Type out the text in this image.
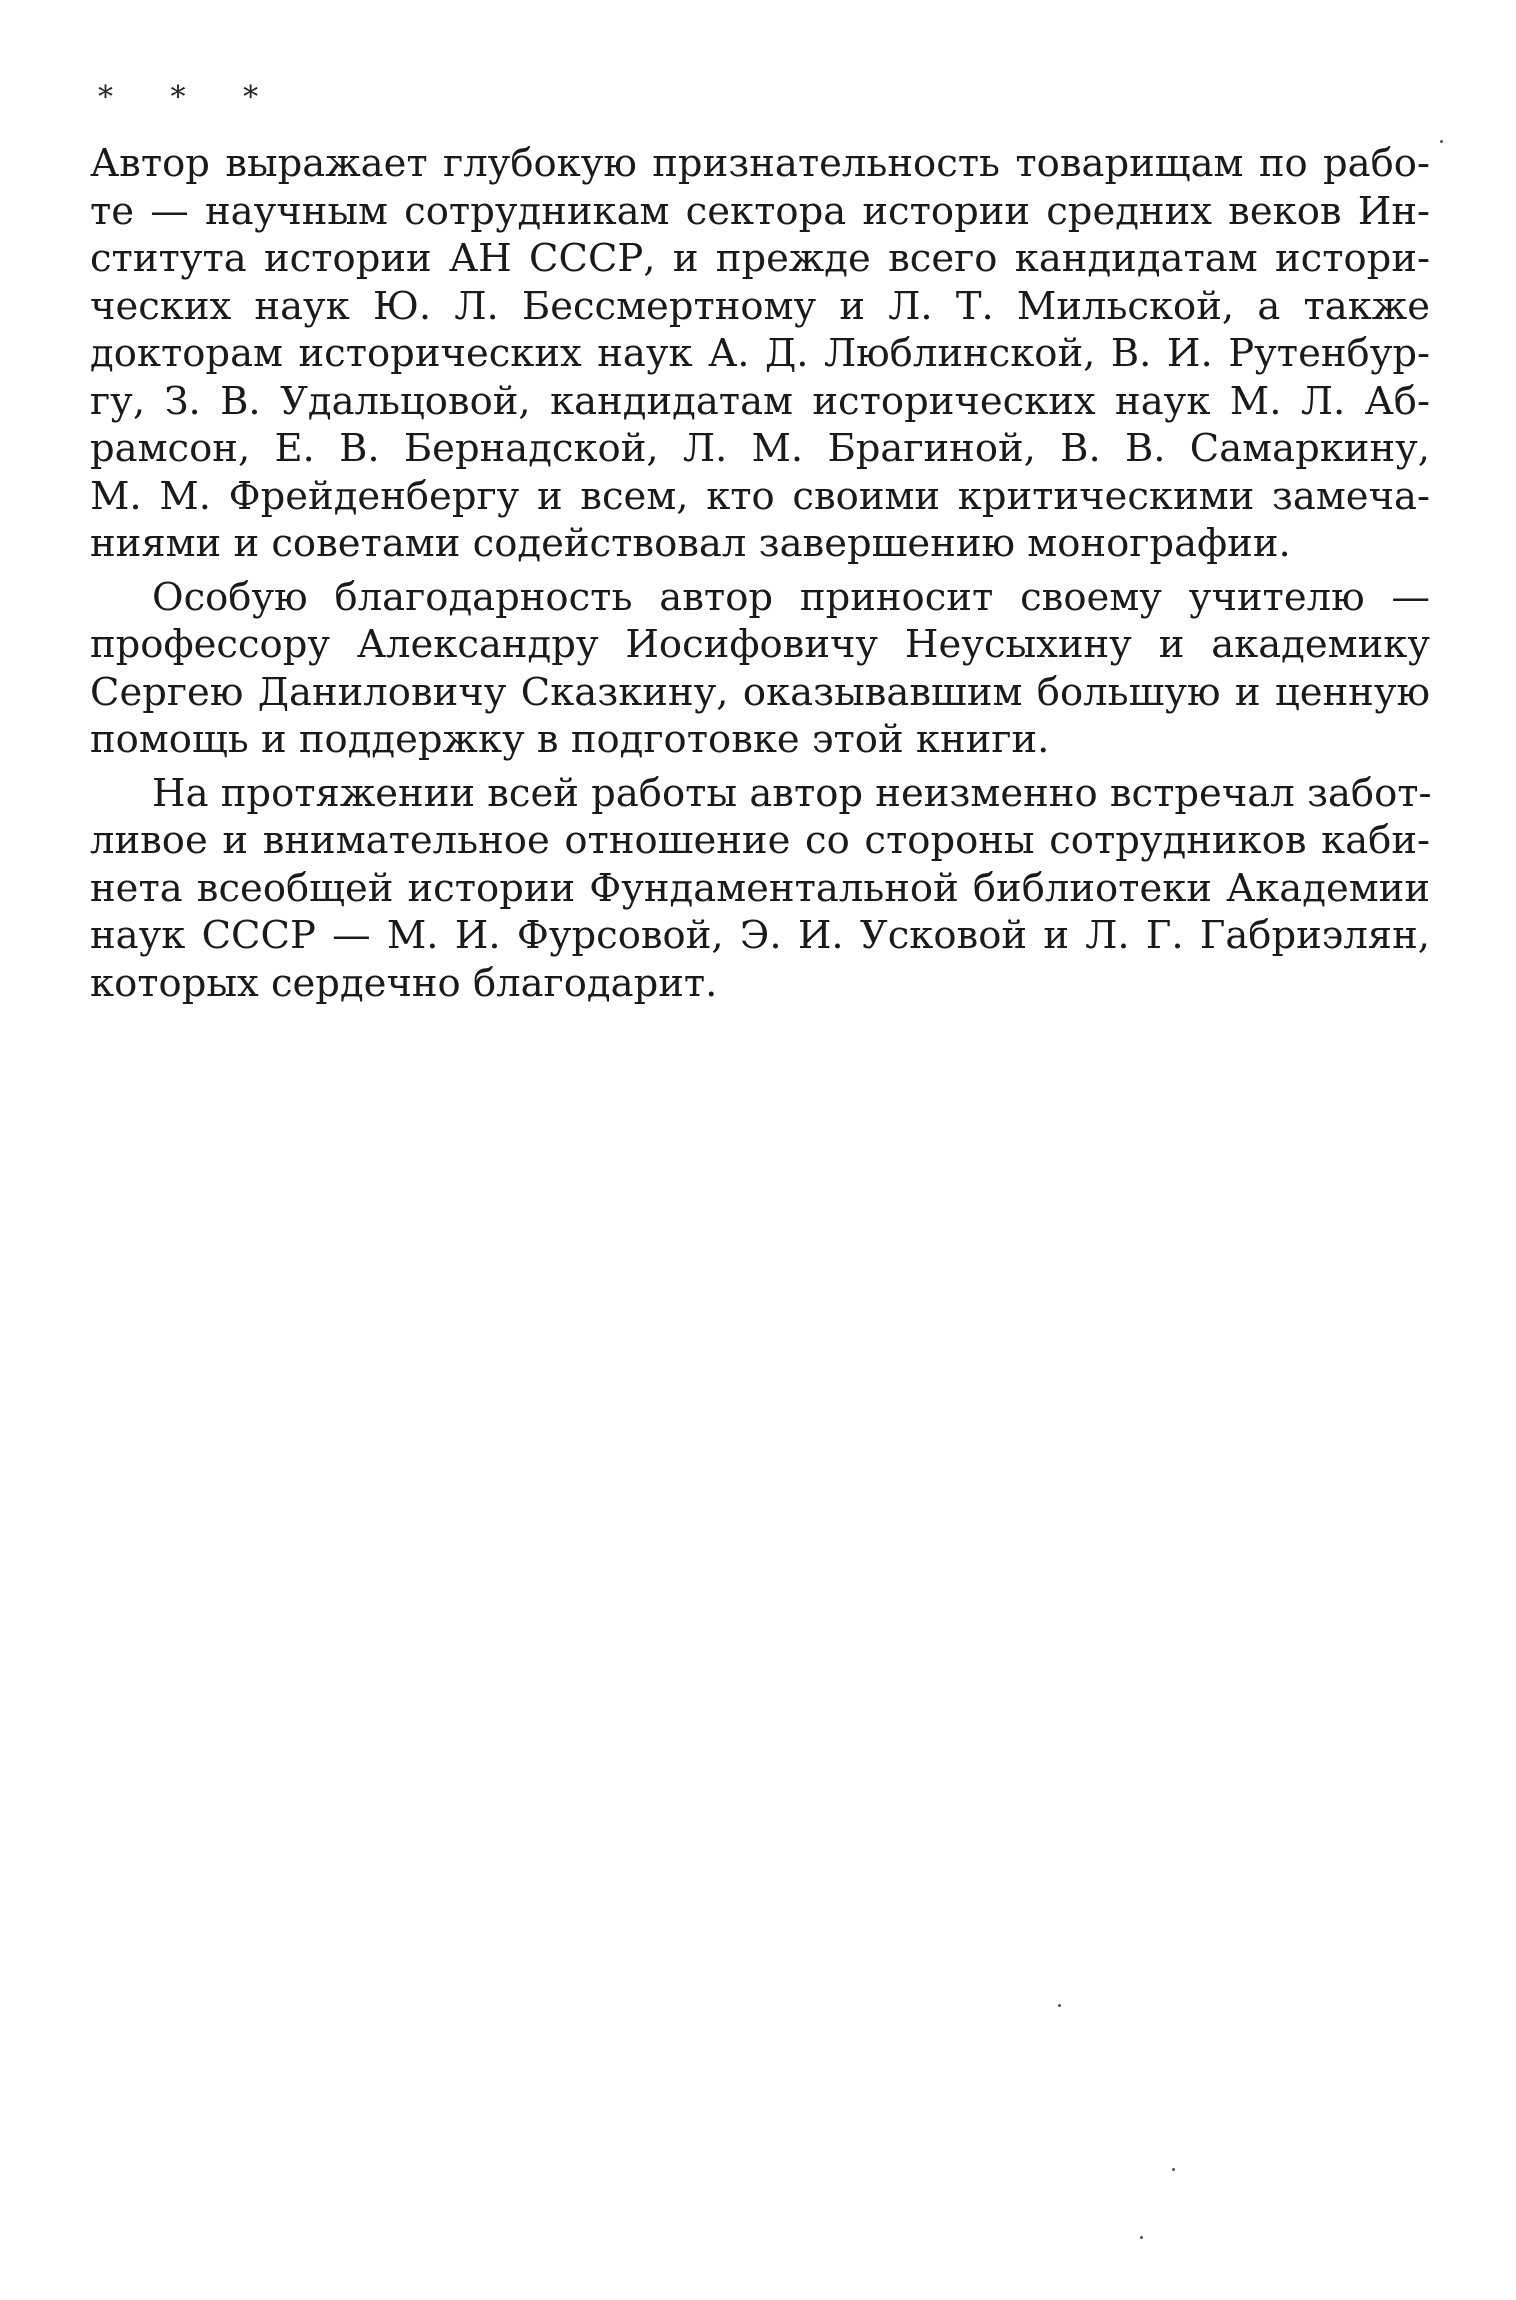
* * *

Автор выражает глубокую признательность товарищам по рабо-
те — научным сотрудникам сектора истории средних веков Ин-
ститута истории АН СССР, и прежде всего кандидатам истори-
ческих наук Ю. Л. Бессмертному и Л. Т. Мильской, а также
докторам исторических наук А. Д. Люблинской, В. И. Рутенбур-
гу, З. В. Удальцовой, кандидатам исторических наук М. Л. Аб-
рамсон, Е. В. Бернадской, Л. М. Брагиной, В. В. Самаркину,
М. М. Фрейденбергу и всем, кто своими критическими замеча-
ниями и советами содействовал завершению монографии.

Особую благодарность автор приносит своему учителю —
профессору Александру Иосифовичу Неусыхину и академику
Сергею Даниловичу Сказкину, оказывавшим большую и ценную
помощь и поддержку в подготовке этой книги.

На протяжении всей работы автор неизменно встречал забот-
ливое и внимательное отношение со стороны сотрудников каби-
нета всеобщей истории Фундаментальной библиотеки Академии
наук СССР — М. И. Фурсовой, Э. И. Усковой и Л. Г. Габриэлян,
которых сердечно благодарит.
